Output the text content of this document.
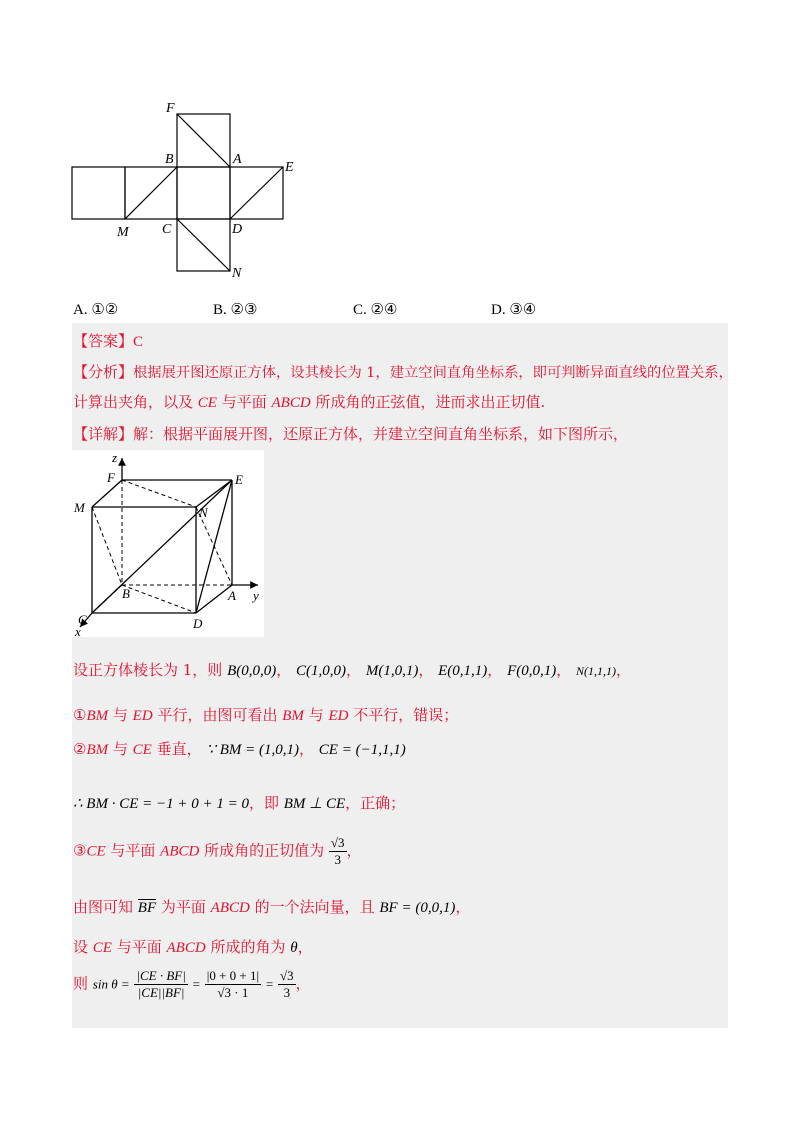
F
B	A
E
M C	D
N
A. ①②	B. ②③	C. ②④	D. ③④
【答案】C
【分析】根据展开图还原正方体，设其棱长为 1，建立空间直角坐标系，即可判断异面直线的位置关系，
计算出夹角，以及 CE 与平面 ABCD 所成角的正弦值，进而求出正切值.
【详解】解：根据平面展开图，还原正方体，并建立空间直角坐标系，如下图所示，
z
F	E
M	N
B	A y
C	D
x
设正方体棱长为 1，则 B(0,0,0)， C(1,0,0)， M(1,0,1)， E(0,1,1)， F(0,0,1)， N(1,1,1)，
①BM 与 ED 平行，由图可看出 BM 与 ED 不平行，错误；
②BM 与 CE 垂直， ∵ BM = (1,0,1)， CE = (−1,1,1)
∴ BM · CE = −1 + 0 + 1 = 0，即 BM ⊥ CE，正确；
③CE 与平面 ABCD 所成角的正切值为 $\frac{√3}{3}$ ，
由图可知 BF 为平面 ABCD 的一个法向量，且 BF = (0,0,1)，
设 CE 与平面 ABCD 所成的角为 θ，
则 $\sin \theta = \frac{|CE \cdot BF|}{|CE||BF|} = \frac{|0 + 0 + 1|}{√3 \cdot 1} = \frac{√3}{3}$ ，
